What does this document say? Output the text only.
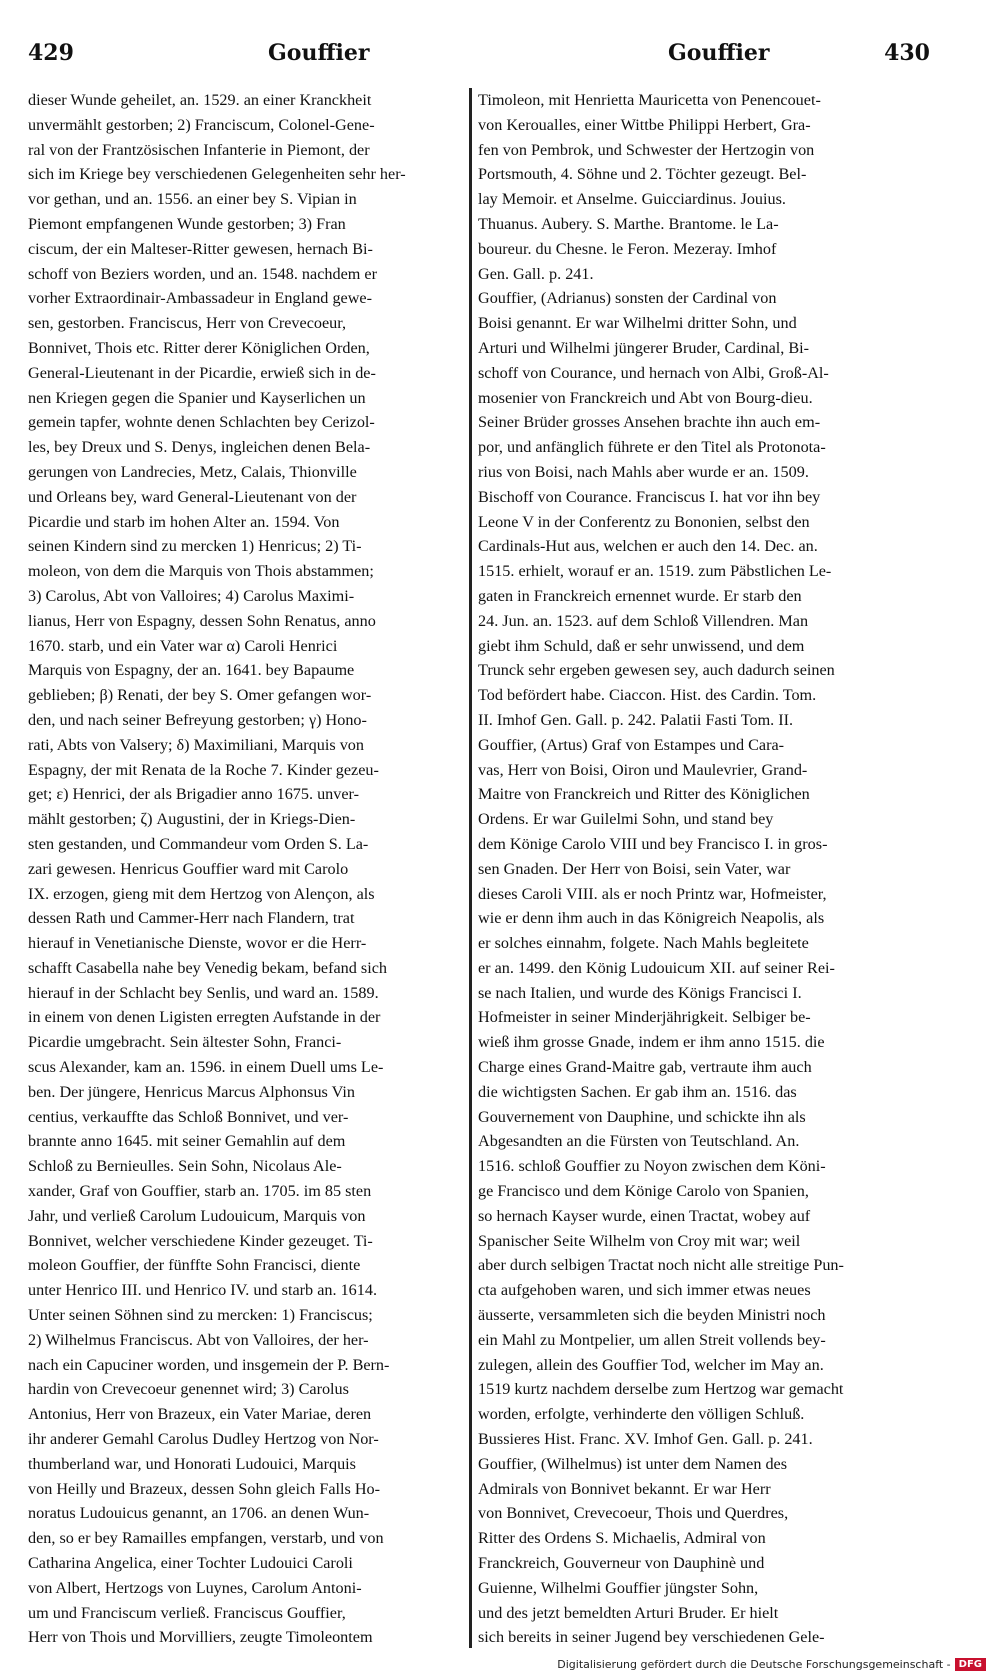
429	Gouffier	Gouffier	430
dieser Wunde geheilet, an. 1529. an einer Kranckheit
unvermählt gestorben; 2) Franciscum, Colonel-Gene-
ral von der Frantzösischen Infanterie in Piemont, der
sich im Kriege bey verschiedenen Gelegenheiten sehr her-
vor gethan, und an. 1556. an einer bey S. Vipian in
Piemont empfangenen Wunde gestorben; 3) Fran
ciscum, der ein Malteser-Ritter gewesen, hernach Bi-
schoff von Beziers worden, und an. 1548. nachdem er
vorher Extraordinair-Ambassadeur in England gewe-
sen, gestorben. Franciscus, Herr von Crevecoeur,
Bonnivet, Thois etc. Ritter derer Königlichen Orden,
General-Lieutenant in der Picardie, erwieß sich in de-
nen Kriegen gegen die Spanier und Kayserlichen un
gemein tapfer, wohnte denen Schlachten bey Cerizol-
les, bey Dreux und S. Denys, ingleichen denen Bela-
gerungen von Landrecies, Metz, Calais, Thionville
und Orleans bey, ward General-Lieutenant von der
Picardie und starb im hohen Alter an. 1594. Von
seinen Kindern sind zu mercken 1) Henricus; 2) Ti-
moleon, von dem die Marquis von Thois abstammen;
3) Carolus, Abt von Valloires; 4) Carolus Maximi-
lianus, Herr von Espagny, dessen Sohn Renatus, anno
1670. starb, und ein Vater war α) Caroli Henrici
Marquis von Espagny, der an. 1641. bey Bapaume
geblieben; β) Renati, der bey S. Omer gefangen wor-
den, und nach seiner Befreyung gestorben; γ) Hono-
rati, Abts von Valsery; δ) Maximiliani, Marquis von
Espagny, der mit Renata de la Roche 7. Kinder gezeu-
get; ε) Henrici, der als Brigadier anno 1675. unver-
mählt gestorben; ζ) Augustini, der in Kriegs-Dien-
sten gestanden, und Commandeur vom Orden S. La-
zari gewesen. Henricus Gouffier ward mit Carolo
IX. erzogen, gieng mit dem Hertzog von Alençon, als
dessen Rath und Cammer-Herr nach Flandern, trat
hierauf in Venetianische Dienste, wovor er die Herr-
schafft Casabella nahe bey Venedig bekam, befand sich
hierauf in der Schlacht bey Senlis, und ward an. 1589.
in einem von denen Ligisten erregten Aufstande in der
Picardie umgebracht. Sein ältester Sohn, Franci-
scus Alexander, kam an. 1596. in einem Duell ums Le-
ben. Der jüngere, Henricus Marcus Alphonsus Vin
centius, verkauffte das Schloß Bonnivet, und ver-
brannte anno 1645. mit seiner Gemahlin auf dem
Schloß zu Bernieulles. Sein Sohn, Nicolaus Ale-
xander, Graf von Gouffier, starb an. 1705. im 85 sten
Jahr, und verließ Carolum Ludouicum, Marquis von
Bonnivet, welcher verschiedene Kinder gezeuget. Ti-
moleon Gouffier, der fünffte Sohn Francisci, diente
unter Henrico III. und Henrico IV. und starb an. 1614.
Unter seinen Söhnen sind zu mercken: 1) Franciscus;
2) Wilhelmus Franciscus. Abt von Valloires, der her-
nach ein Capuciner worden, und insgemein der P. Bern-
hardin von Crevecoeur genennet wird; 3) Carolus
Antonius, Herr von Brazeux, ein Vater Mariae, deren
ihr anderer Gemahl Carolus Dudley Hertzog von Nor-
thumberland war, und Honorati Ludouici, Marquis
von Heilly und Brazeux, dessen Sohn gleich Falls Ho-
noratus Ludouicus genannt, an 1706. an denen Wun-
den, so er bey Ramailles empfangen, verstarb, und von
Catharina Angelica, einer Tochter Ludouici Caroli
von Albert, Hertzogs von Luynes, Carolum Antoni-
um und Franciscum verließ. Franciscus Gouffier,
Herr von Thois und Morvilliers, zeugte Timoleontem
Timoleon, mit Henrietta Mauricetta von Penencouet-
von Keroualles, einer Wittbe Philippi Herbert, Gra-
fen von Pembrok, und Schwester der Hertzogin von
Portsmouth, 4. Söhne und 2. Töchter gezeugt. Bel-
lay Memoir. et Anselme. Guicciardinus. Jouius.
Thuanus. Aubery. S. Marthe. Brantome. le La-
boureur. du Chesne. le Feron. Mezeray. Imhof
Gen. Gall. p. 241.
Gouffier, (Adrianus) sonsten der Cardinal von
Boisi genannt. Er war Wilhelmi dritter Sohn, und
Arturi und Wilhelmi jüngerer Bruder, Cardinal, Bi-
schoff von Courance, und hernach von Albi, Groß-Al-
mosenier von Franckreich und Abt von Bourg-dieu.
Seiner Brüder grosses Ansehen brachte ihn auch em-
por, und anfänglich führete er den Titel als Protonota-
rius von Boisi, nach Mahls aber wurde er an. 1509.
Bischoff von Courance. Franciscus I. hat vor ihn bey
Leone V in der Conferentz zu Bononien, selbst den
Cardinals-Hut aus, welchen er auch den 14. Dec. an.
1515. erhielt, worauf er an. 1519. zum Päbstlichen Le-
gaten in Franckreich ernennet wurde. Er starb den
24. Jun. an. 1523. auf dem Schloß Villendren. Man
giebt ihm Schuld, daß er sehr unwissend, und dem
Trunck sehr ergeben gewesen sey, auch dadurch seinen
Tod befördert habe. Ciaccon. Hist. des Cardin. Tom.
II. Imhof Gen. Gall. p. 242. Palatii Fasti Tom. II.
Gouffier, (Artus) Graf von Estampes und Cara-
vas, Herr von Boisi, Oiron und Maulevrier, Grand-
Maitre von Franckreich und Ritter des Königlichen
Ordens. Er war Guilelmi Sohn, und stand bey
dem Könige Carolo VIII und bey Francisco I. in gros-
sen Gnaden. Der Herr von Boisi, sein Vater, war
dieses Caroli VIII. als er noch Printz war, Hofmeister,
wie er denn ihm auch in das Königreich Neapolis, als
er solches einnahm, folgete. Nach Mahls begleitete
er an. 1499. den König Ludouicum XII. auf seiner Rei-
se nach Italien, und wurde des Königs Francisci I.
Hofmeister in seiner Minderjährigkeit. Selbiger be-
wieß ihm grosse Gnade, indem er ihm anno 1515. die
Charge eines Grand-Maitre gab, vertraute ihm auch
die wichtigsten Sachen. Er gab ihm an. 1516. das
Gouvernement von Dauphine, und schickte ihn als
Abgesandten an die Fürsten von Teutschland. An.
1516. schloß Gouffier zu Noyon zwischen dem Köni-
ge Francisco und dem Könige Carolo von Spanien,
so hernach Kayser wurde, einen Tractat, wobey auf
Spanischer Seite Wilhelm von Croy mit war; weil
aber durch selbigen Tractat noch nicht alle streitige Pun-
cta aufgehoben waren, und sich immer etwas neues
äusserte, versammleten sich die beyden Ministri noch
ein Mahl zu Montpelier, um allen Streit vollends bey-
zulegen, allein des Gouffier Tod, welcher im May an.
1519 kurtz nachdem derselbe zum Hertzog war gemacht
worden, erfolgte, verhinderte den völligen Schluß.
Bussieres Hist. Franc. XV. Imhof Gen. Gall. p. 241.
Gouffier, (Wilhelmus) ist unter dem Namen des
Admirals von Bonnivet bekannt. Er war Herr
von Bonnivet, Crevecoeur, Thois und Querdres,
Ritter des Ordens S. Michaelis, Admiral von
Franckreich, Gouverneur von Dauphinè und
Guienne, Wilhelmi Gouffier jüngster Sohn,
und des jetzt bemeldten Arturi Bruder. Er hielt
sich bereits in seiner Jugend bey verschiedenen Gele-
Digitalisierung gefördert durch die Deutsche Forschungsgemeinschaft - DFG
